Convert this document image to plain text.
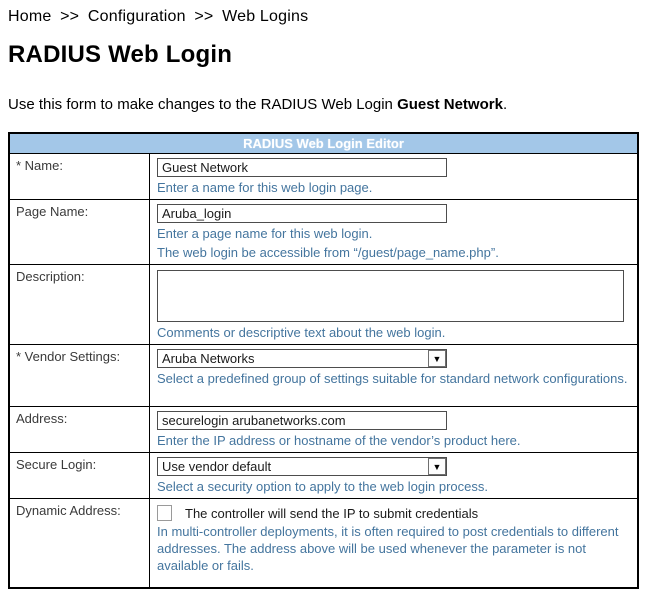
Home >> Configuration >> Web Logins
RADIUS Web Login
Use this form to make changes to the RADIUS Web Login Guest Network.
RADIUS Web Login Editor
* Name:
Guest Network
Enter a name for this web login page.
Page Name:
Aruba_login
Enter a page name for this web login.
The web login be accessible from “/guest/page_name.php”.
Description:
Comments or descriptive text about the web login.
* Vendor Settings:	Aruba Networks	▼
Select a predefined group of settings suitable for standard network configurations.
Address:
securelogin arubanetworks.com
Enter the IP address or hostname of the vendor’s product here.
Secure Login:	Use vendor default	▼
Select a security option to apply to the web login process.
Dynamic Address:	The controller will send the IP to submit credentials
In multi-controller deployments, it is often required to post credentials to different addresses. The address above will be used whenever the parameter is not available or fails.
